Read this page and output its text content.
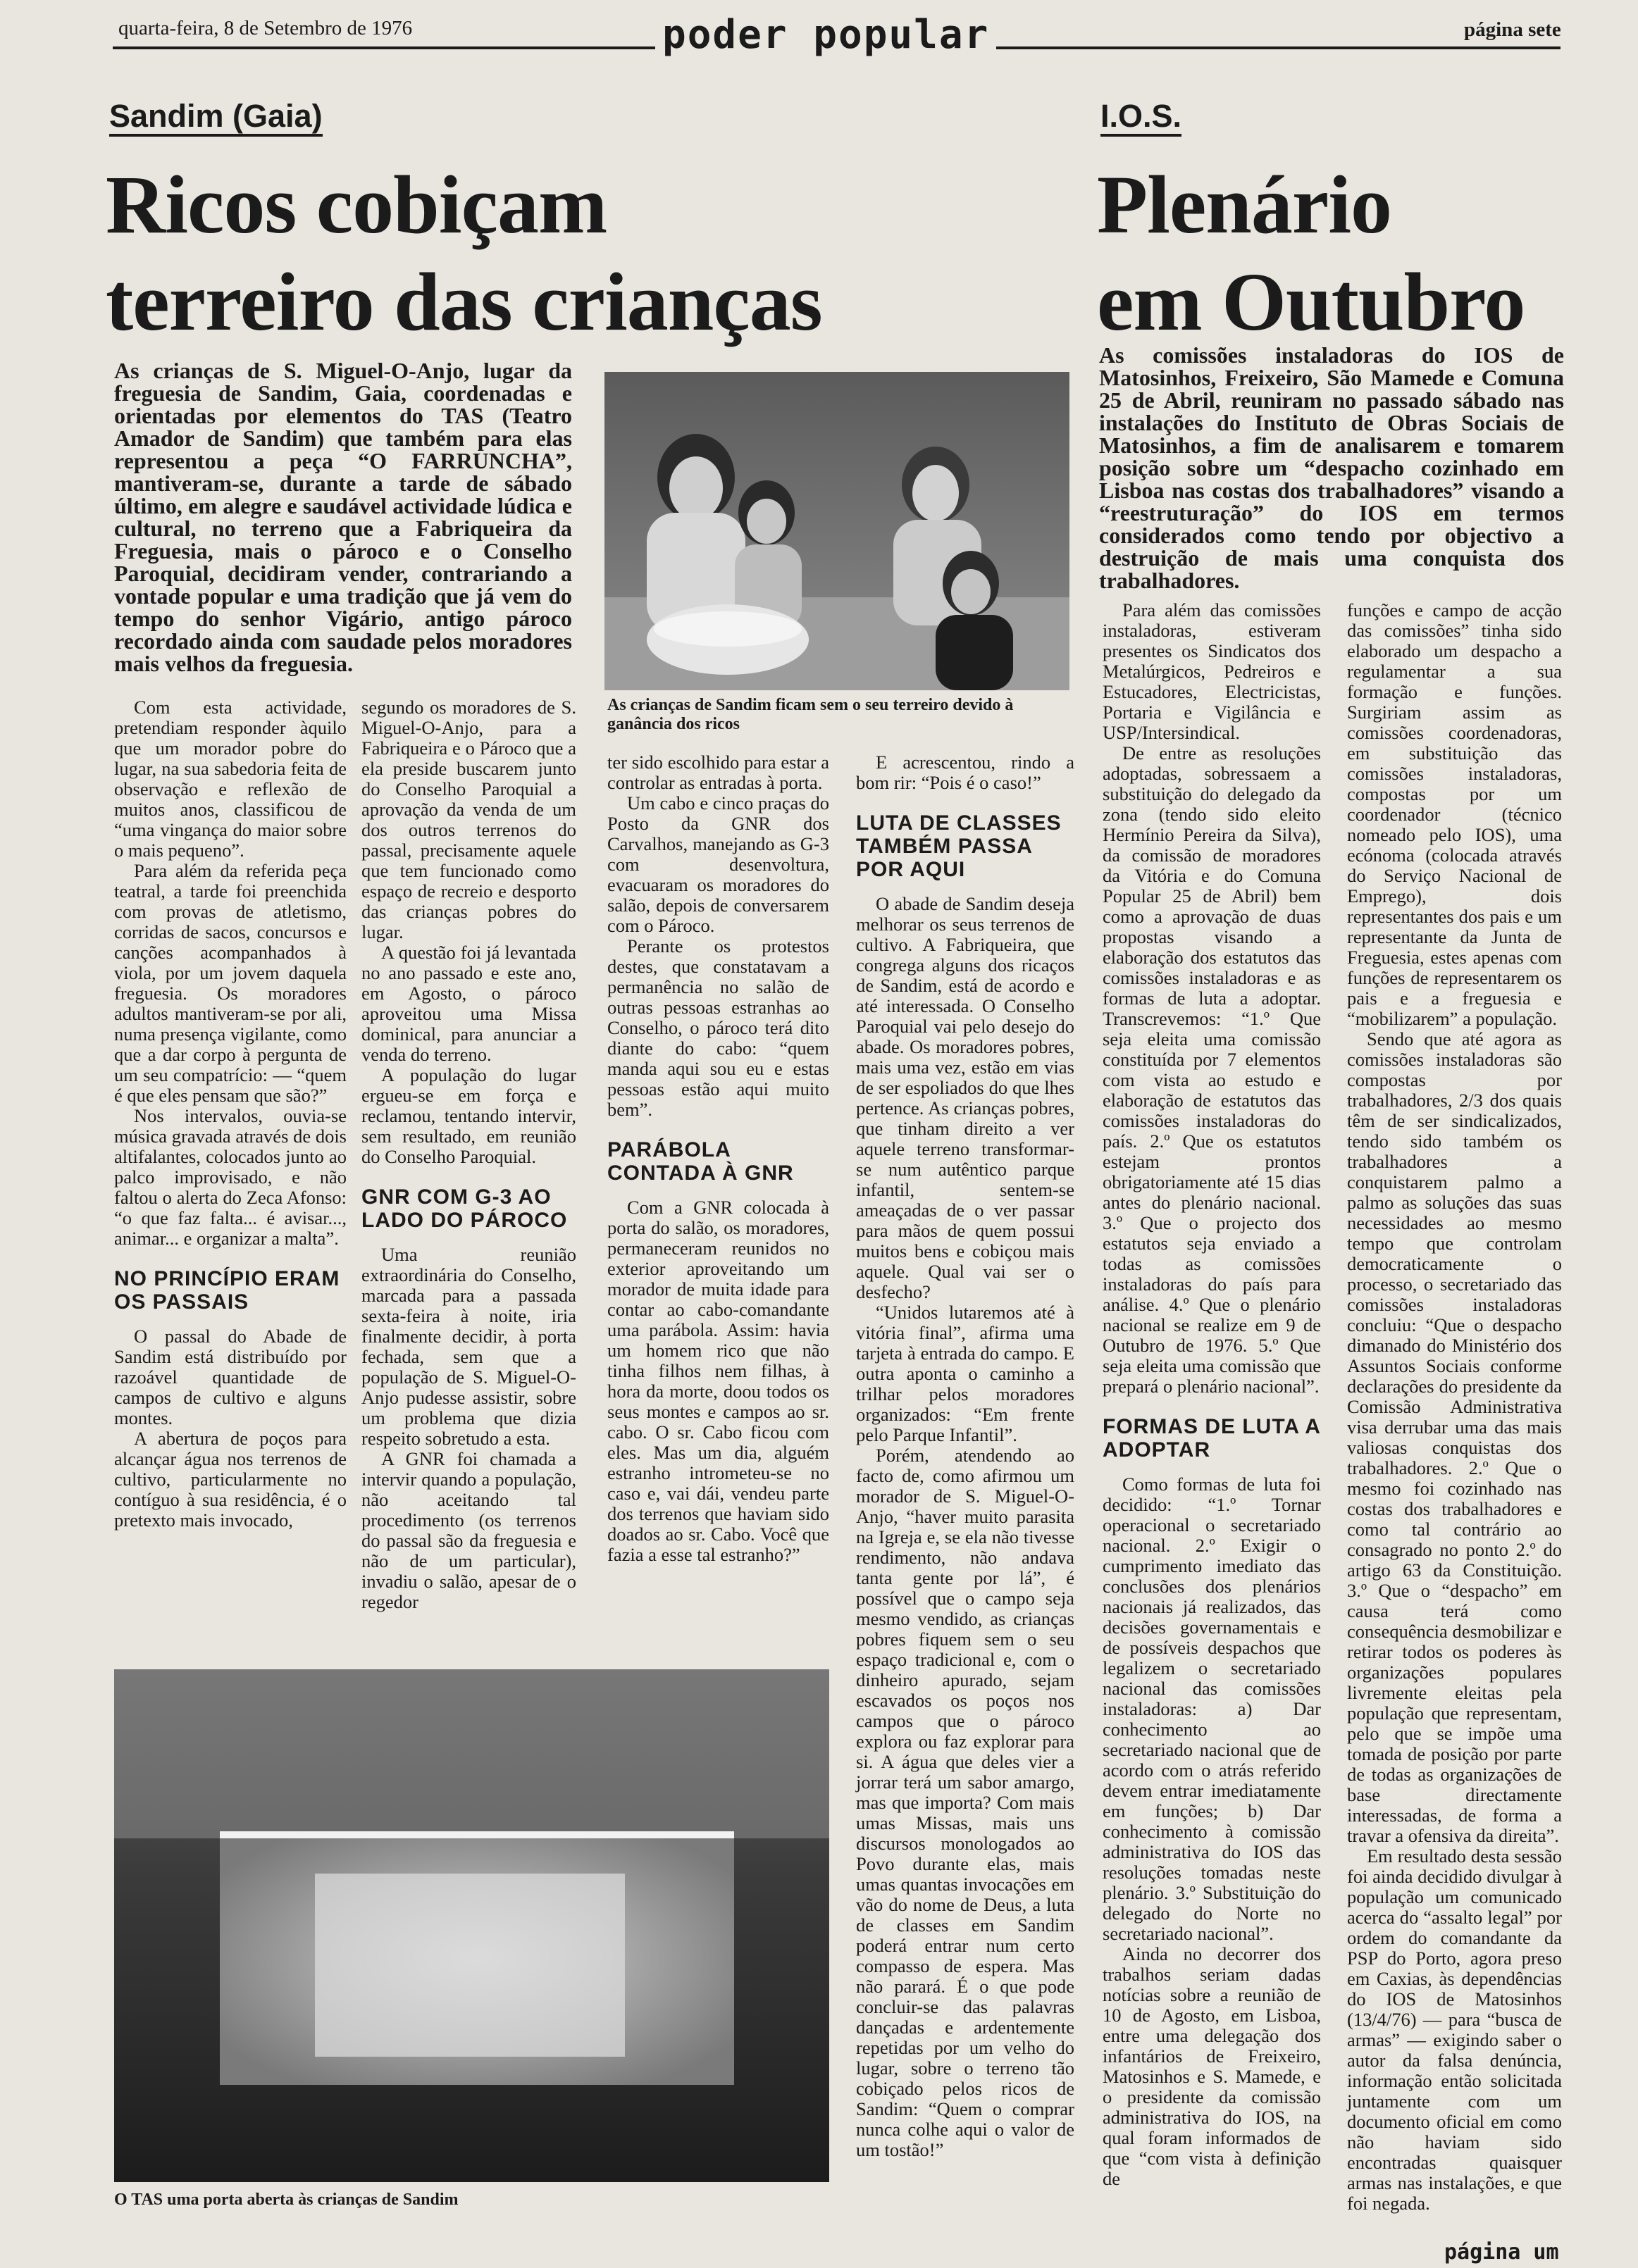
quarta-feira, 8 de Setembro de 1976	poder popular	página sete
Sandim (Gaia)
Ricos cobiçam
terreiro das crianças

As crianças de S. Miguel-O-Anjo, lugar da freguesia de Sandim, Gaia, coordenadas e orientadas por elementos do TAS (Teatro Amador de Sandim) que também para elas representou a peça “O FARRUNCHA”, mantiveram-se, durante a tarde de sábado último, em alegre e saudável actividade lúdica e cultural, no terreno que a Fabriqueira da Freguesia, mais o pároco e o Conselho Paroquial, decidiram vender, contrariando a vontade popular e uma tradição que já vem do tempo do senhor Vigário, antigo pároco recordado ainda com saudade pelos moradores mais velhos da freguesia.

As crianças de Sandim ficam sem o seu terreiro devido à ganância dos ricos

Com esta actividade, pretendiam responder àquilo que um morador pobre do lugar, na sua sabedoria feita de observação e reflexão de muitos anos, classificou de “uma vingança do maior sobre o mais pequeno”.

Para além da referida peça teatral, a tarde foi preenchida com provas de atletismo, corridas de sacos, concursos e canções acompanhados à viola, por um jovem daquela freguesia. Os moradores adultos mantiveram-se por ali, numa presença vigilante, como que a dar corpo à pergunta de um seu compatrício: — “quem é que eles pensam que são?”

Nos intervalos, ouvia-se música gravada através de dois altifalantes, colocados junto ao palco improvisado, e não faltou o alerta do Zeca Afonso: “o que faz falta... é avisar..., animar... e organizar a malta”.

NO PRINCÍPIO ERAM OS PASSAIS

O passal do Abade de Sandim está distribuído por razoável quantidade de campos de cultivo e alguns montes.

A abertura de poços para alcançar água nos terrenos de cultivo, particularmente no contíguo à sua residência, é o pretexto mais invocado,

segundo os moradores de S. Miguel-O-Anjo, para a Fabriqueira e o Pároco que a ela preside buscarem junto do Conselho Paroquial a aprovação da venda de um dos outros terrenos do passal, precisamente aquele que tem funcionado como espaço de recreio e desporto das crianças pobres do lugar.

A questão foi já levantada no ano passado e este ano, em Agosto, o pároco aproveitou uma Missa dominical, para anunciar a venda do terreno.

A população do lugar ergueu-se em força e reclamou, tentando intervir, sem resultado, em reunião do Conselho Paroquial.

GNR COM G-3 AO LADO DO PÁROCO

Uma reunião extraordinária do Conselho, marcada para a passada sexta-feira à noite, iria finalmente decidir, à porta fechada, sem que a população de S. Miguel-O-Anjo pudesse assistir, sobre um problema que dizia respeito sobretudo a esta.

A GNR foi chamada a intervir quando a população, não aceitando tal procedimento (os terrenos do passal são da freguesia e não de um particular), invadiu o salão, apesar de o regedor

ter sido escolhido para estar a controlar as entradas à porta.

Um cabo e cinco praças do Posto da GNR dos Carvalhos, manejando as G-3 com desenvoltura, evacuaram os moradores do salão, depois de conversarem com o Pároco.

Perante os protestos destes, que constatavam a permanência no salão de outras pessoas estranhas ao Conselho, o pároco terá dito diante do cabo: “quem manda aqui sou eu e estas pessoas estão aqui muito bem”.

PARÁBOLA CONTADA À GNR

Com a GNR colocada à porta do salão, os moradores, permaneceram reunidos no exterior aproveitando um morador de muita idade para contar ao cabo-comandante uma parábola. Assim: havia um homem rico que não tinha filhos nem filhas, à hora da morte, doou todos os seus montes e campos ao sr. cabo. O sr. Cabo ficou com eles. Mas um dia, alguém estranho intrometeu-se no caso e, vai dái, vendeu parte dos terrenos que haviam sido doados ao sr. Cabo. Você que fazia a esse tal estranho?”

E acrescentou, rindo a bom rir: “Pois é o caso!”

LUTA DE CLASSES TAMBÉM PASSA POR AQUI

O abade de Sandim deseja melhorar os seus terrenos de cultivo. A Fabriqueira, que congrega alguns dos ricaços de Sandim, está de acordo e até interessada. O Conselho Paroquial vai pelo desejo do abade. Os moradores pobres, mais uma vez, estão em vias de ser espoliados do que lhes pertence. As crianças pobres, que tinham direito a ver aquele terreno transformar-se num autêntico parque infantil, sentem-se ameaçadas de o ver passar para mãos de quem possui muitos bens e cobiçou mais aquele. Qual vai ser o desfecho?

“Unidos lutaremos até à vitória final”, afirma uma tarjeta à entrada do campo. E outra aponta o caminho a trilhar pelos moradores organizados: “Em frente pelo Parque Infantil”.

Porém, atendendo ao facto de, como afirmou um morador de S. Miguel-O-Anjo, “haver muito parasita na Igreja e, se ela não tivesse rendimento, não andava tanta gente por lá”, é possível que o campo seja mesmo vendido, as crianças pobres fiquem sem o seu espaço tradicional e, com o dinheiro apurado, sejam escavados os poços nos campos que o pároco explora ou faz explorar para si. A água que deles vier a jorrar terá um sabor amargo, mas que importa? Com mais umas Missas, mais uns discursos monologados ao Povo durante elas, mais umas quantas invocações em vão do nome de Deus, a luta de classes em Sandim poderá entrar num certo compasso de espera. Mas não parará. É o que pode concluir-se das palavras dançadas e ardentemente repetidas por um velho do lugar, sobre o terreno tão cobiçado pelos ricos de Sandim: “Quem o comprar nunca colhe aqui o valor de um tostão!”

O TAS uma porta aberta às crianças de Sandim
I.O.S.
Plenário
em Outubro

As comissões instaladoras do IOS de Matosinhos, Freixeiro, São Mamede e Comuna 25 de Abril, reuniram no passado sábado nas instalações do Instituto de Obras Sociais de Matosinhos, a fim de analisarem e tomarem posição sobre um “despacho cozinhado em Lisboa nas costas dos trabalhadores” visando a “reestruturação” do IOS em termos considerados como tendo por objectivo a destruição de mais uma conquista dos trabalhadores.

Para além das comissões instaladoras, estiveram presentes os Sindicatos dos Metalúrgicos, Pedreiros e Estucadores, Electricistas, Portaria e Vigilância e USP/Intersindical.

De entre as resoluções adoptadas, sobressaem a substituição do delegado da zona (tendo sido eleito Hermínio Pereira da Silva), da comissão de moradores da Vitória e do Comuna Popular 25 de Abril) bem como a aprovação de duas propostas visando a elaboração dos estatutos das comissões instaladoras e as formas de luta a adoptar. Transcrevemos: “1.º Que seja eleita uma comissão constituída por 7 elementos com vista ao estudo e elaboração de estatutos das comissões instaladoras do país. 2.º Que os estatutos estejam prontos obrigatoriamente até 15 dias antes do plenário nacional. 3.º Que o projecto dos estatutos seja enviado a todas as comissões instaladoras do país para análise. 4.º Que o plenário nacional se realize em 9 de Outubro de 1976. 5.º Que seja eleita uma comissão que prepará o plenário nacional”.

FORMAS DE LUTA A ADOPTAR

Como formas de luta foi decidido: “1.º Tornar operacional o secretariado nacional. 2.º Exigir o cumprimento imediato das conclusões dos plenários nacionais já realizados, das decisões governamentais e de possíveis despachos que legalizem o secretariado nacional das comissões instaladoras: a) Dar conhecimento ao secretariado nacional que de acordo com o atrás referido devem entrar imediatamente em funções; b) Dar conhecimento à comissão administrativa do IOS das resoluções tomadas neste plenário. 3.º Substituição do delegado do Norte no secretariado nacional”.

Ainda no decorrer dos trabalhos seriam dadas notícias sobre a reunião de 10 de Agosto, em Lisboa, entre uma delegação dos infantários de Freixeiro, Matosinhos e S. Mamede, e o presidente da comissão administrativa do IOS, na qual foram informados de que “com vista à definição de

funções e campo de acção das comissões” tinha sido elaborado um despacho a regulamentar a sua formação e funções. Surgiriam assim as comissões coordenadoras, em substituição das comissões instaladoras, compostas por um coordenador (técnico nomeado pelo IOS), uma ecónoma (colocada através do Serviço Nacional de Emprego), dois representantes dos pais e um representante da Junta de Freguesia, estes apenas com funções de representarem os pais e a freguesia e “mobilizarem” a população.

Sendo que até agora as comissões instaladoras são compostas por trabalhadores, 2/3 dos quais têm de ser sindicalizados, tendo sido também os trabalhadores a conquistarem palmo a palmo as soluções das suas necessidades ao mesmo tempo que controlam democraticamente o processo, o secretariado das comissões instaladoras concluiu: “Que o despacho dimanado do Ministério dos Assuntos Sociais conforme declarações do presidente da Comissão Administrativa visa derrubar uma das mais valiosas conquistas dos trabalhadores. 2.º Que o mesmo foi cozinhado nas costas dos trabalhadores e como tal contrário ao consagrado no ponto 2.º do artigo 63 da Constituição. 3.º Que o “despacho” em causa terá como consequência desmobilizar e retirar todos os poderes às organizações populares livremente eleitas pela população que representam, pelo que se impõe uma tomada de posição por parte de todas as organizações de base directamente interessadas, de forma a travar a ofensiva da direita”.

Em resultado desta sessão foi ainda decidido divulgar à população um comunicado acerca do “assalto legal” por ordem do comandante da PSP do Porto, agora preso em Caxias, às dependências do IOS de Matosinhos (13/4/76) — para “busca de armas” — exigindo saber o autor da falsa denúncia, informação então solicitada juntamente com um documento oficial em como não haviam sido encontradas quaisquer armas nas instalações, e que foi negada.

página um
